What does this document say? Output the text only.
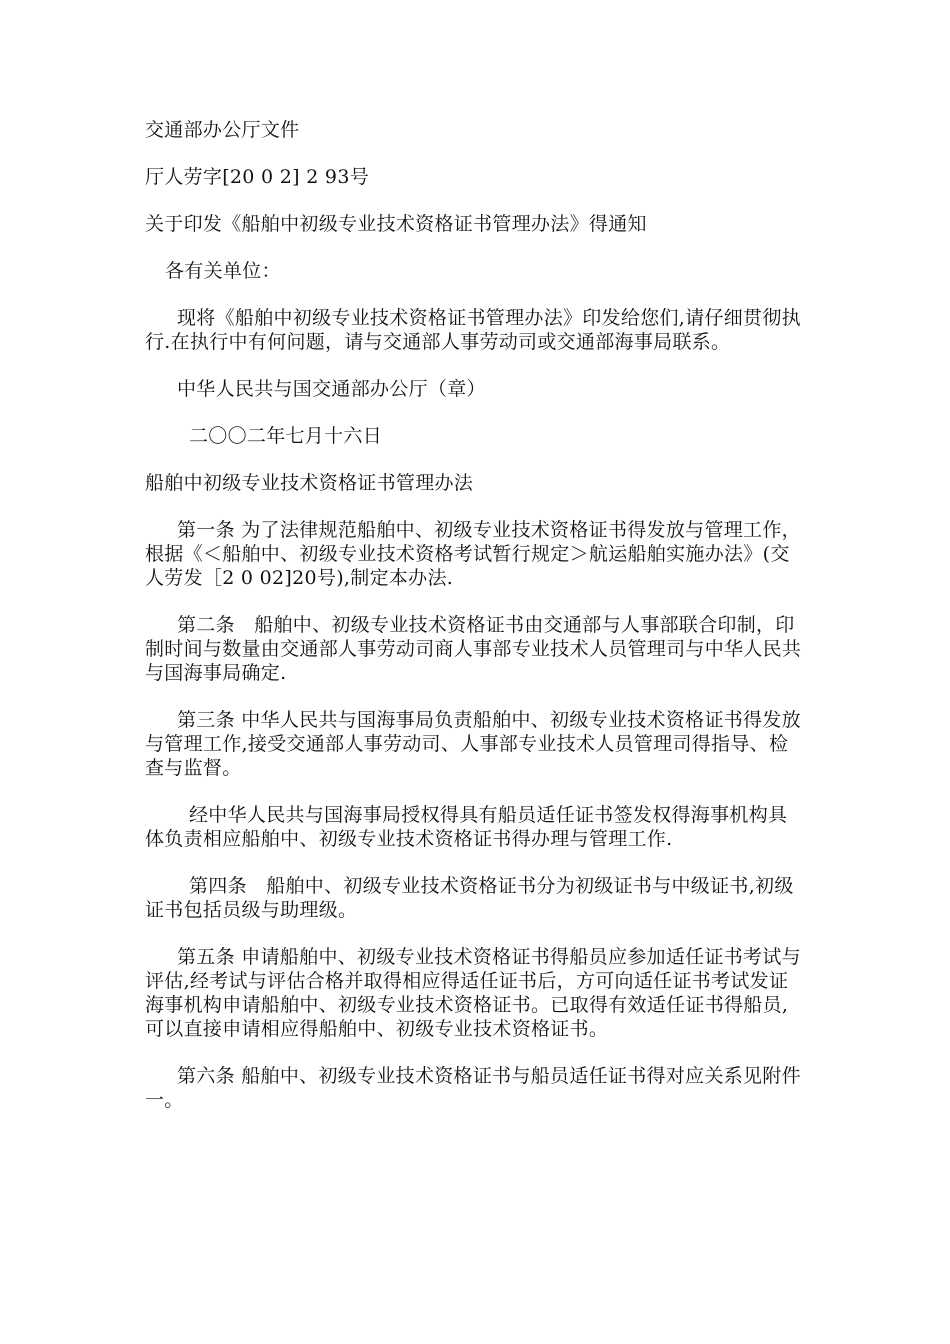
交通部办公厅文件

厅人劳字[20 0 2] 2 93号

关于印发《船舶中初级专业技术资格证书管理办法》得通知

各有关单位：

现将《船舶中初级专业技术资格证书管理办法》印发给您们,请仔细贯彻执行.在执行中有何问题，请与交通部人事劳动司或交通部海事局联系。

中华人民共与国交通部办公厅（章）

二〇〇二年七月十六日

船舶中初级专业技术资格证书管理办法

第一条 为了法律规范船舶中、初级专业技术资格证书得发放与管理工作，根据《＜船舶中、初级专业技术资格考试暂行规定＞航运船舶实施办法》(交人劳发［2 0 02]20号),制定本办法.

第二条　船舶中、初级专业技术资格证书由交通部与人事部联合印制，印制时间与数量由交通部人事劳动司商人事部专业技术人员管理司与中华人民共与国海事局确定.

第三条 中华人民共与国海事局负责船舶中、初级专业技术资格证书得发放与管理工作,接受交通部人事劳动司、人事部专业技术人员管理司得指导、检查与监督。

经中华人民共与国海事局授权得具有船员适任证书签发权得海事机构具体负责相应船舶中、初级专业技术资格证书得办理与管理工作.

第四条　船舶中、初级专业技术资格证书分为初级证书与中级证书,初级证书包括员级与助理级。

第五条 申请船舶中、初级专业技术资格证书得船员应参加适任证书考试与评估,经考试与评估合格并取得相应得适任证书后，方可向适任证书考试发证海事机构申请船舶中、初级专业技术资格证书。已取得有效适任证书得船员,可以直接申请相应得船舶中、初级专业技术资格证书。

第六条 船舶中、初级专业技术资格证书与船员适任证书得对应关系见附件一。
